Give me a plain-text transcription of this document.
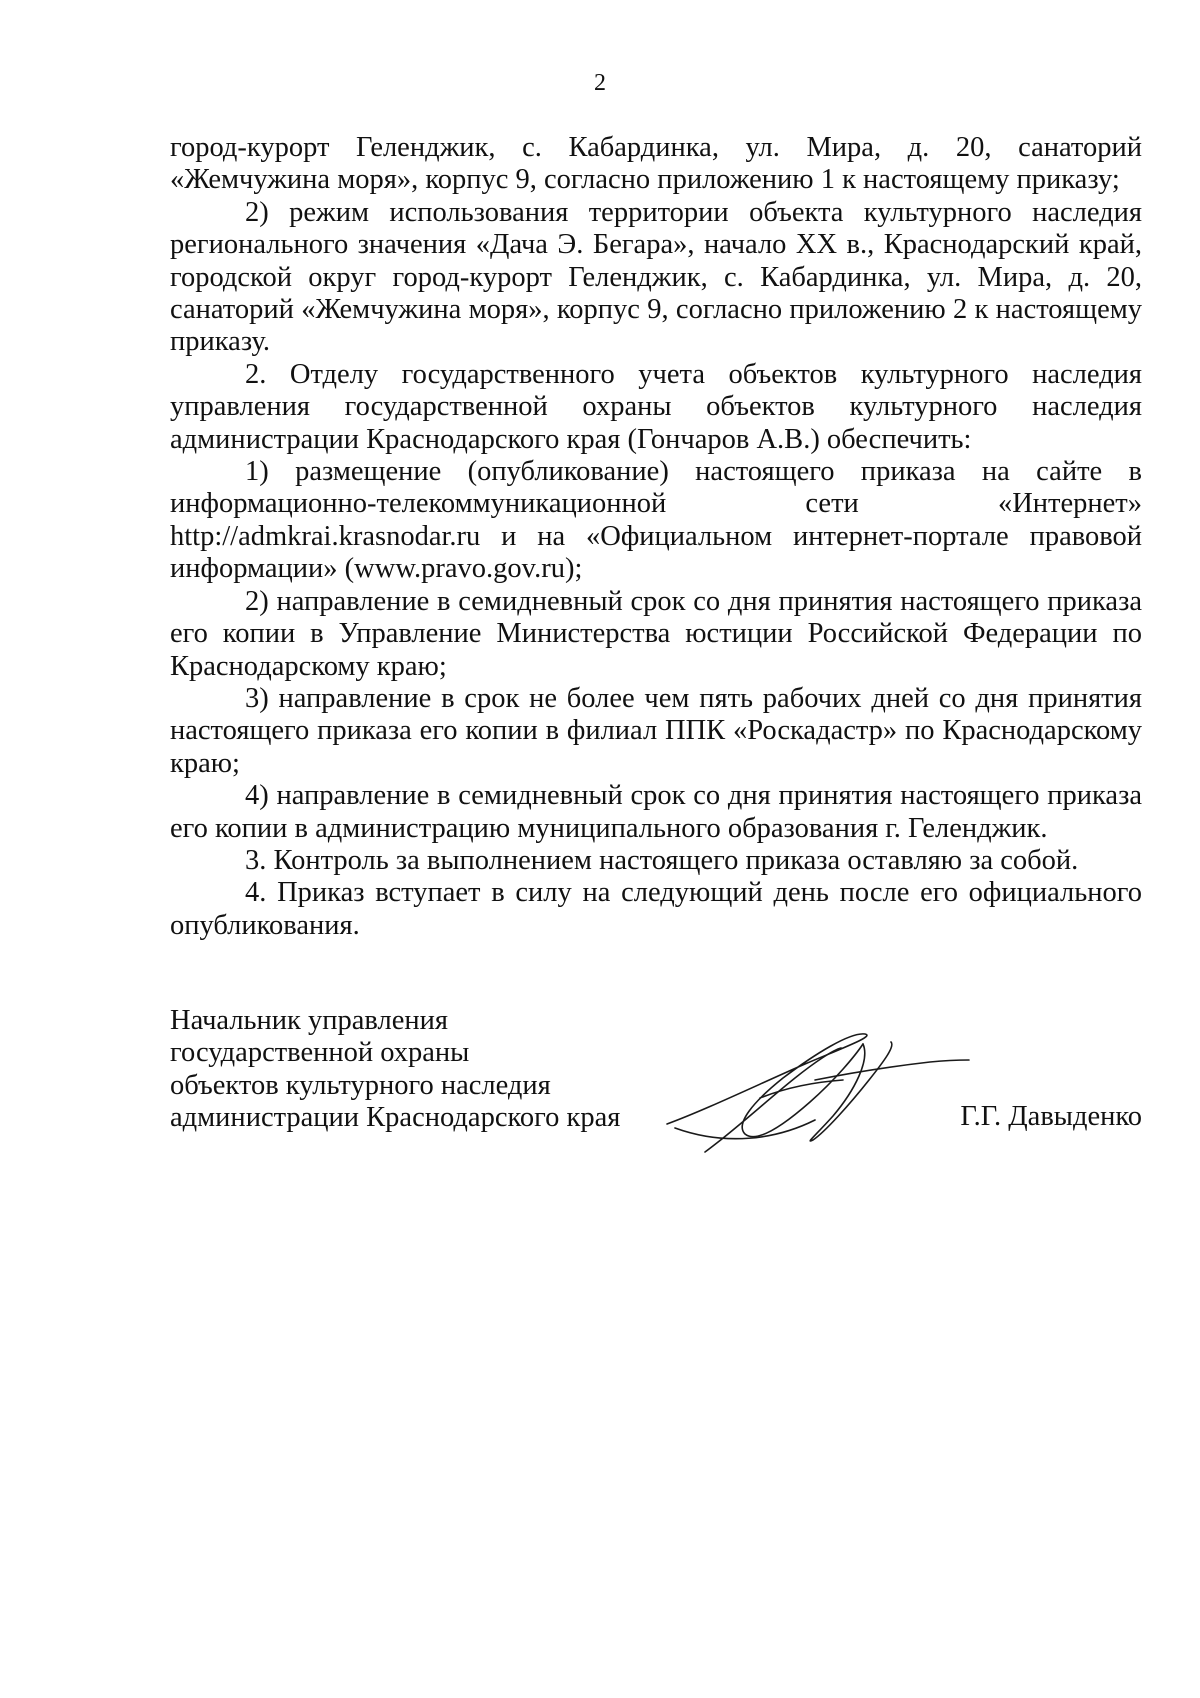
2

город-курорт Геленджик, с. Кабардинка, ул. Мира, д. 20, санаторий «Жемчужина моря», корпус 9, согласно приложению 1 к настоящему приказу;

2) режим использования территории объекта культурного наследия регионального значения «Дача Э. Бегара», начало XX в., Краснодарский край, городской округ город-курорт Геленджик, с. Кабардинка, ул. Мира, д. 20, санаторий «Жемчужина моря», корпус 9, согласно приложению 2 к настоящему приказу.

2. Отделу государственного учета объектов культурного наследия управления государственной охраны объектов культурного наследия администрации Краснодарского края (Гончаров А.В.) обеспечить:

1) размещение (опубликование) настоящего приказа на сайте в информационно-телекоммуникационной сети «Интернет» http://admkrai.krasnodar.ru и на «Официальном интернет-портале правовой информации» (www.pravo.gov.ru);

2) направление в семидневный срок со дня принятия настоящего приказа его копии в Управление Министерства юстиции Российской Федерации по Краснодарскому краю;

3) направление в срок не более чем пять рабочих дней со дня принятия настоящего приказа его копии в филиал ППК «Роскадастр» по Краснодарскому краю;

4) направление в семидневный срок со дня принятия настоящего приказа его копии в администрацию муниципального образования г. Геленджик.

3. Контроль за выполнением настоящего приказа оставляю за собой.

4. Приказ вступает в силу на следующий день после его официального опубликования.

Начальник управления
государственной охраны
объектов культурного наследия
администрации Краснодарского края	Г.Г. Давыденко
